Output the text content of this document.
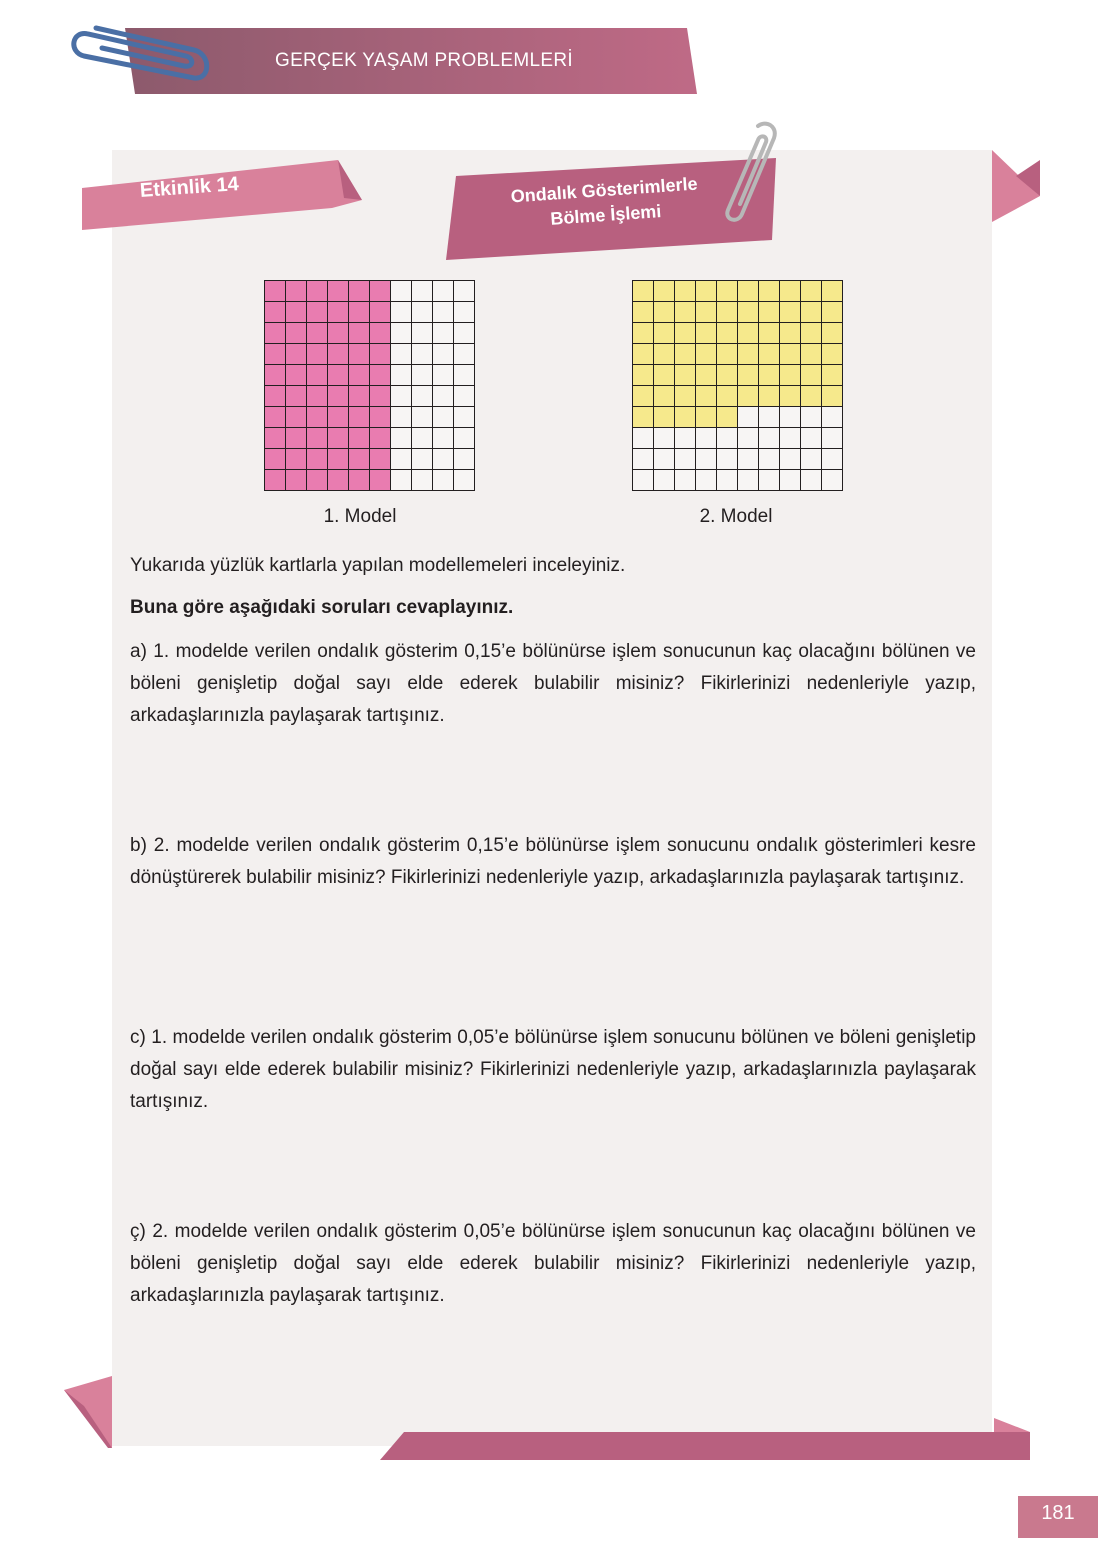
GERÇEK YAŞAM PROBLEMLERİ
Etkinlik 14	Ondalık Gösterimlerle
Bölme İşlemi
1. Model	2. Model
Yukarıda yüzlük kartlarla yapılan modellemeleri inceleyiniz.
Buna göre aşağıdaki soruları cevaplayınız.
a) 1. modelde verilen ondalık gösterim 0,15’e bölünürse işlem sonucunun kaç olacağını bölünen ve böleni genişletip doğal sayı elde ederek bulabilir misiniz? Fikirlerinizi nedenleriyle yazıp, arkadaşlarınızla paylaşarak tartışınız.
b) 2. modelde verilen ondalık gösterim 0,15’e bölünürse işlem sonucunu ondalık gösterimleri kesre dönüştürerek bulabilir misiniz? Fikirlerinizi nedenleriyle yazıp, arkadaşlarınızla paylaşarak tartışınız.
c) 1. modelde verilen ondalık gösterim 0,05’e bölünürse işlem sonucunu bölünen ve böleni genişletip doğal sayı elde ederek bulabilir misiniz? Fikirlerinizi nedenleriyle yazıp, arkadaşlarınızla paylaşarak tartışınız.
ç) 2. modelde verilen ondalık gösterim 0,05’e bölünürse işlem sonucunun kaç olacağını bölünen ve böleni genişletip doğal sayı elde ederek bulabilir misiniz? Fikirlerinizi nedenleriyle yazıp, arkadaşlarınızla paylaşarak tartışınız.
181
